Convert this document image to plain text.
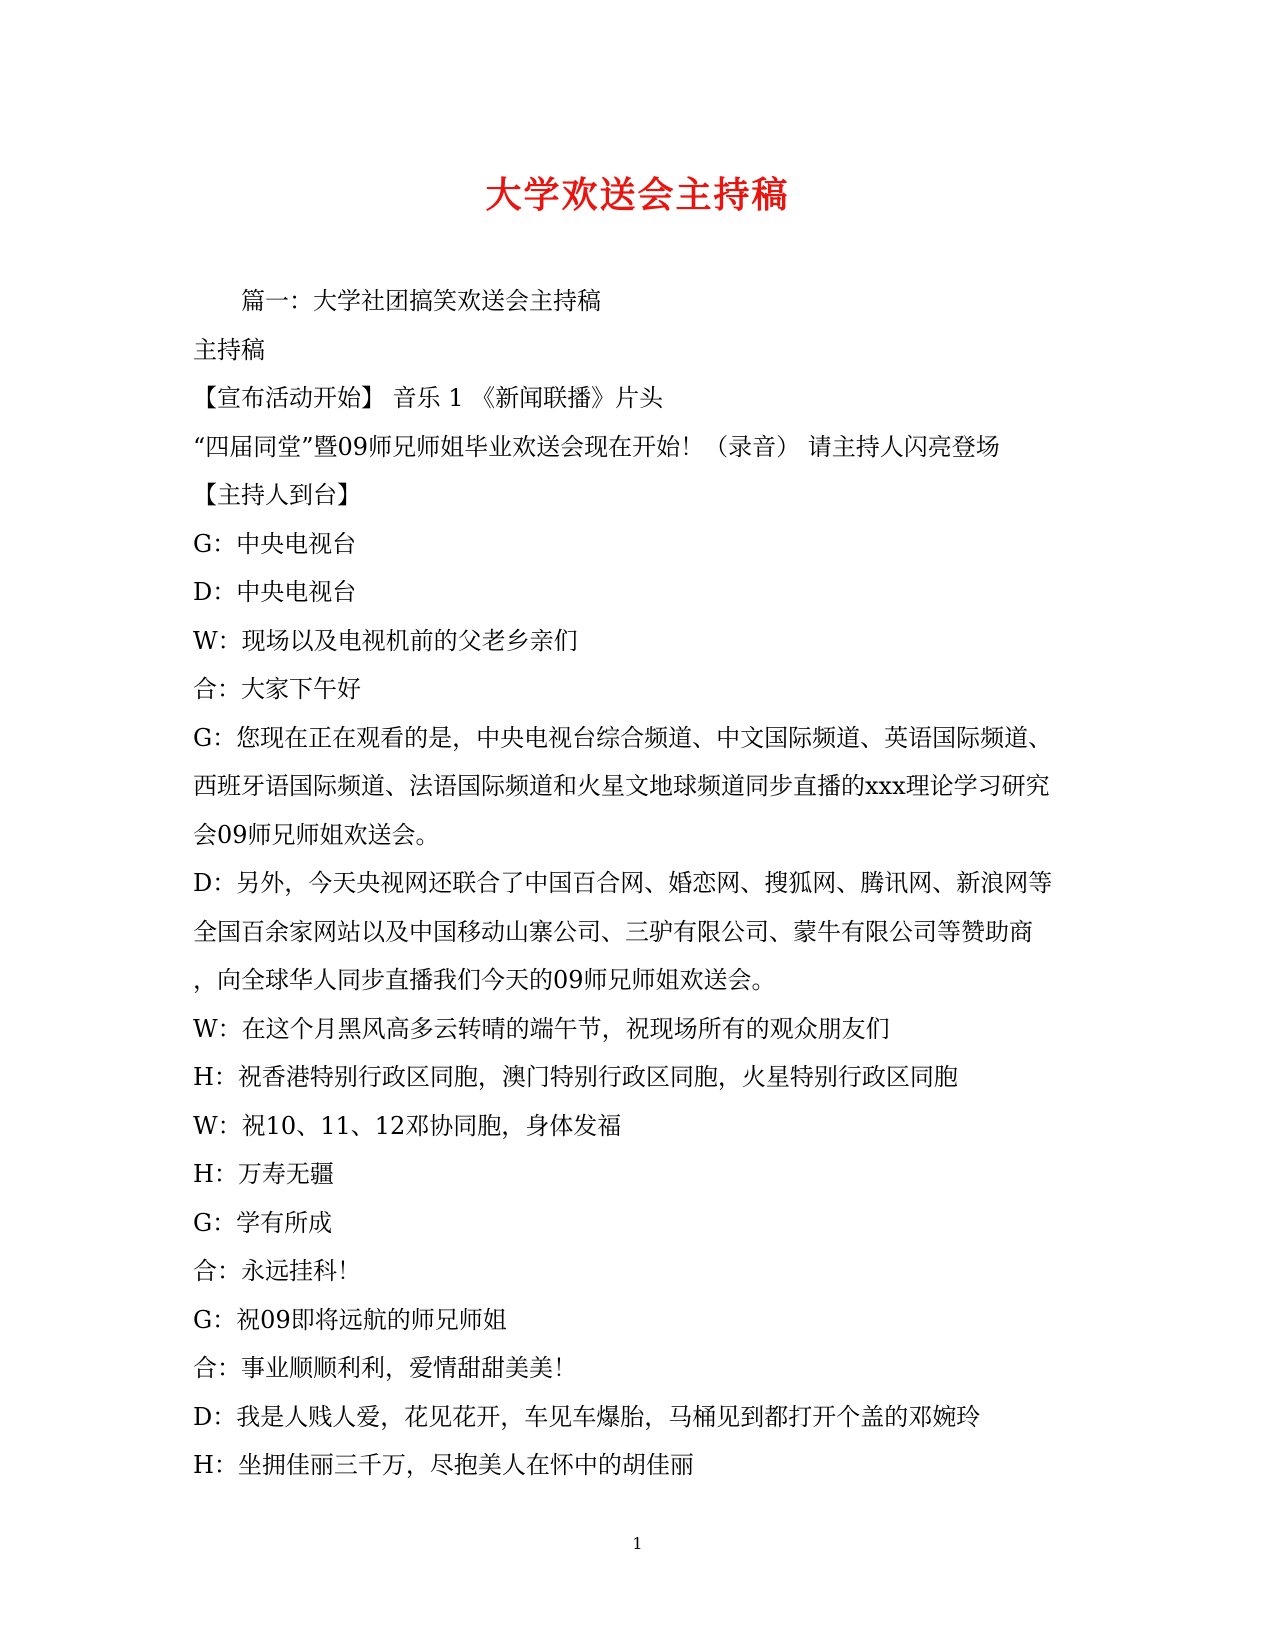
大学欢送会主持稿
篇一：大学社团搞笑欢送会主持稿
主持稿
【宣布活动开始】 音乐 1 《新闻联播》片头
“四届同堂”暨09师兄师姐毕业欢送会现在开始！（录音） 请主持人闪亮登场
【主持人到台】
G：中央电视台
D：中央电视台
W：现场以及电视机前的父老乡亲们
合：大家下午好
G：您现在正在观看的是，中央电视台综合频道、中文国际频道、英语国际频道、
西班牙语国际频道、法语国际频道和火星文地球频道同步直播的xxx理论学习研究
会09师兄师姐欢送会。
D：另外，今天央视网还联合了中国百合网、婚恋网、搜狐网、腾讯网、新浪网等
全国百余家网站以及中国移动山寨公司、三驴有限公司、蒙牛有限公司等赞助商
，向全球华人同步直播我们今天的09师兄师姐欢送会。
W：在这个月黑风高多云转晴的端午节，祝现场所有的观众朋友们
H：祝香港特别行政区同胞，澳门特别行政区同胞，火星特别行政区同胞
W：祝10、11、12邓协同胞，身体发福
H：万寿无疆
G：学有所成
合：永远挂科！
G：祝09即将远航的师兄师姐
合：事业顺顺利利，爱情甜甜美美！
D：我是人贱人爱，花见花开，车见车爆胎，马桶见到都打开个盖的邓婉玲
H：坐拥佳丽三千万，尽抱美人在怀中的胡佳丽
1
